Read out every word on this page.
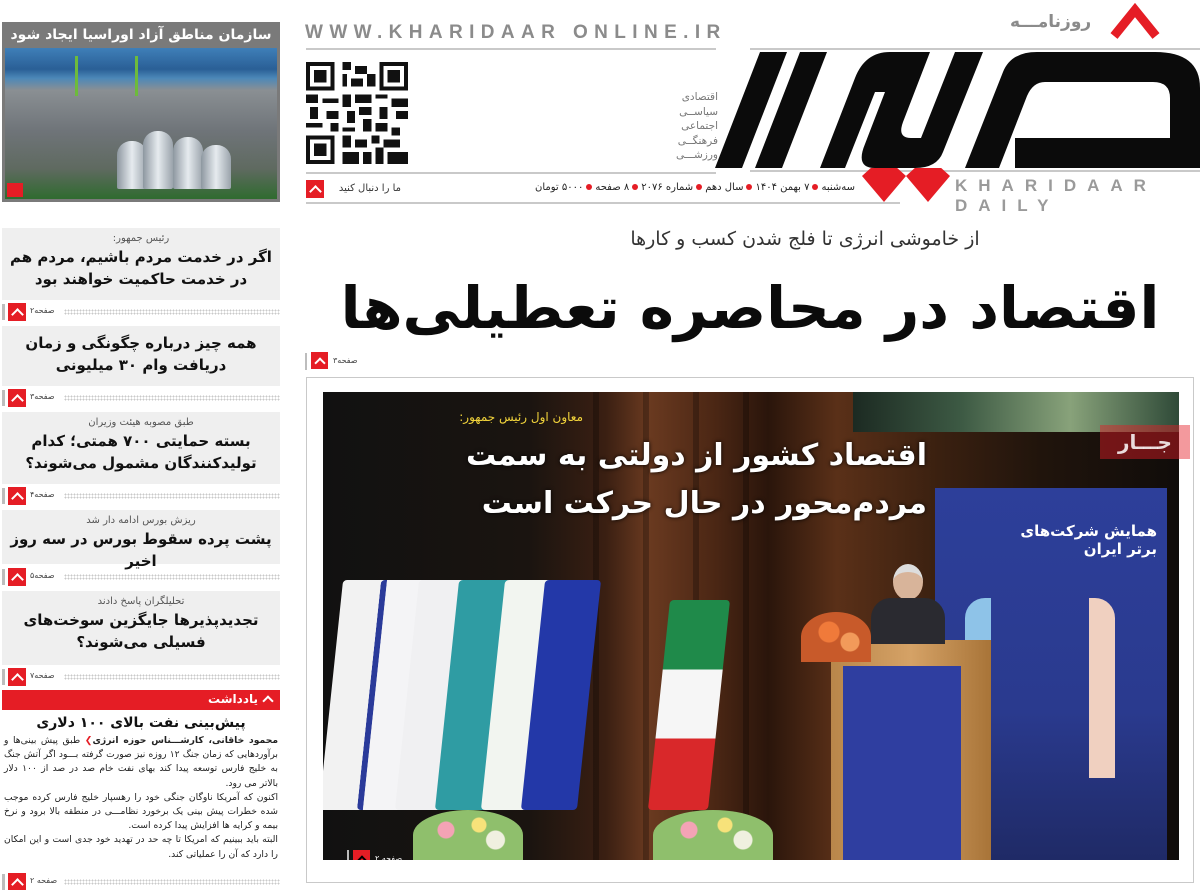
سازمان مناطق آزاد اوراسیا ایجاد شود
رئیس جمهور:
اگر در خدمت مردم باشیم، مردم هم در خدمت حاکمیت خواهند بود
صفحه۲
همه چیز درباره چگونگی و زمان دریافت وام ۳۰ میلیونی
صفحه۳
طبق مصوبه هیئت وزیران
بسته حمایتی ۷۰۰ همتی؛ کدام تولیدکنندگان مشمول می‌شوند؟
صفحه۴
ریزش بورس ادامه دار شد
پشت پرده سقوط بورس در سه روز اخیر
صفحه۵
تحلیلگران پاسخ دادند
تجدیدپذیرها جایگزین سوخت‌های فسیلی می‌شوند؟
صفحه۷
یادداشت
پیش‌بینی نفت بالای ۱۰۰ دلاری
محمود خاقانی، کارشـــناس حوزه انرژی❯ طبق پیش بینی‌ها و برآوردهایی که زمان جنگ ۱۲ روزه نیز صورت گرفته بـــود اگر آتش جنگ به خلیج فارس توسعه پیدا کند بهای نفت خام صد در صد از ۱۰۰ دلار بالاتر می رود.
اکنون که آمریکا ناوگان جنگی خود را رهسپار خلیج فارس کرده موجب شده خطرات پیش بینی یک برخورد نظامـــی در منطقه بالا برود و نرخ بیمه و کرایه ها افزایش پیدا کرده است.
البته باید ببینیم که امریکا تا چه حد در تهدید خود جدی است و این امکان را دارد که آن را عملیاتی کند.
صفحه ۲
WWW.KHARIDAAR ONLINE.IR
اقتصادی
سیاســی
اجتماعی
فرهنگــی
ورزشـــی
روزنامـــه
KHARIDAAR DAILY
سه‌شنبه۷ بهمن ۱۴۰۴سال دهمشماره ۲۰۷۶۸ صفحه۵۰۰۰ تومان
ما را دنبال کنید
از خاموشی انرژی تا فلج شدن کسب و کارها
اقتصاد در محاصره تعطیلی‌ها
صفحه۳
همایش شرکت‌های برتر ایران
معاون اول رئیس جمهور:
اقتصاد کشور از دولتی به سمت مردم‌محور در حال حرکت است
صفحه ۲
جـــار
